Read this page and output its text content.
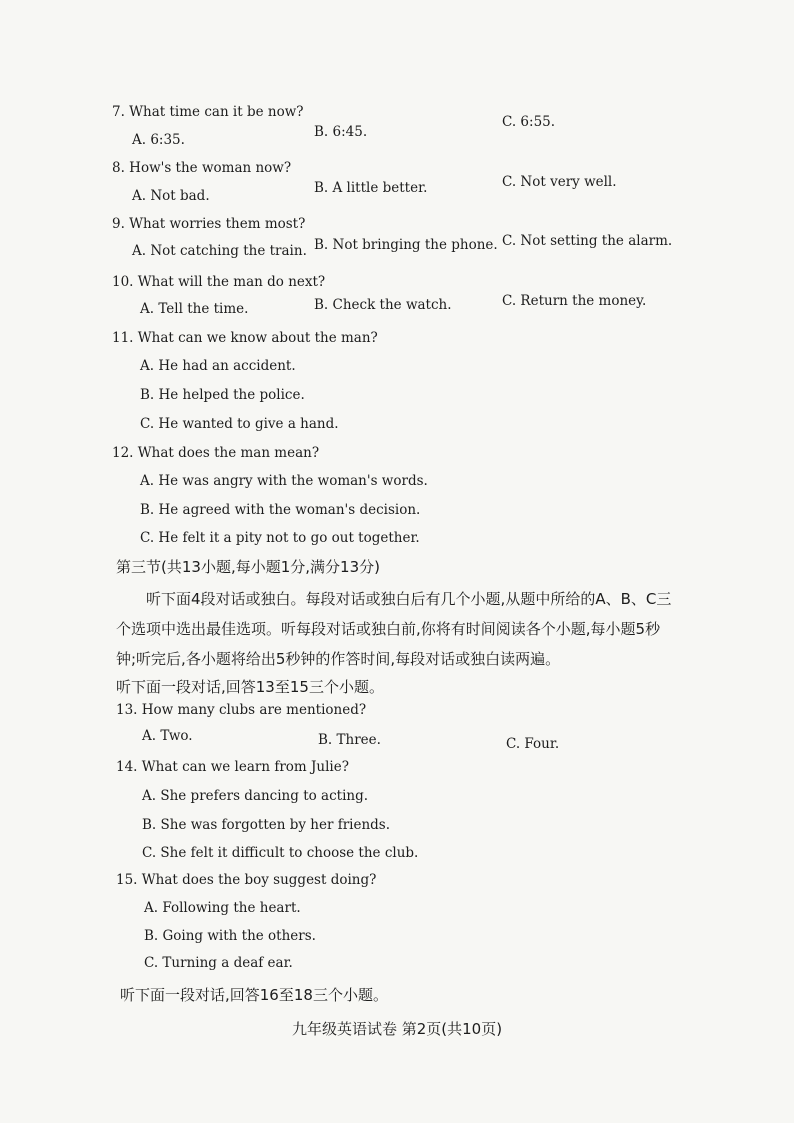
7. What time can it be now?
A. 6:35.	B. 6:45.
C. 6:55.
8. How's the woman now?
A. Not bad.	B. A little better.	C. Not very well.
9. What worries them most?
A. Not catching the train. B. Not bringing the phone. C. Not setting the alarm.
10. What will the man do next?
A. Tell the time.	B. Check the watch.	C. Return the money.
11. What can we know about the man?
A. He had an accident.
B. He helped the police.
C. He wanted to give a hand.
12. What does the man mean?
A. He was angry with the woman's words.
B. He agreed with the woman's decision.
C. He felt it a pity not to go out together.
第三节(共13小题,每小题1分,满分13分)
听下面4段对话或独白。每段对话或独白后有几个小题,从题中所给的A、B、C三个选项中选出最佳选项。听每段对话或独白前,你将有时间阅读各个小题,每小题5秒钟;听完后,各小题将给出5秒钟的作答时间,每段对话或独白读两遍。
听下面一段对话,回答13至15三个小题。
13. How many clubs are mentioned?
A. Two.	B. Three.	C. Four.
14. What can we learn from Julie?
A. She prefers dancing to acting.
B. She was forgotten by her friends.
C. She felt it difficult to choose the club.
15. What does the boy suggest doing?
A. Following the heart.
B. Going with the others.
C. Turning a deaf ear.
听下面一段对话,回答16至18三个小题。
九年级英语试卷 第2页(共10页)
